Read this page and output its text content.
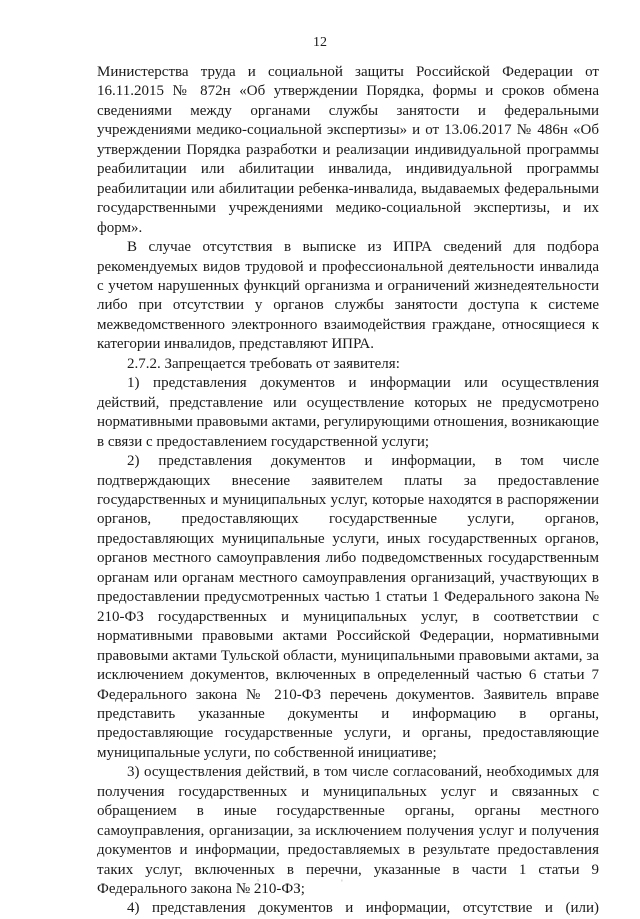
12

Министерства труда и социальной защиты Российской Федерации от 16.11.2015 № 872н «Об утверждении Порядка, формы и сроков обмена сведениями между органами службы занятости и федеральными учреждениями медико-социальной экспертизы» и от 13.06.2017 № 486н «Об утверждении Порядка разработки и реализации индивидуальной программы реабилитации или абилитации инвалида, индивидуальной программы реабилитации или абилитации ребенка-инвалида, выдаваемых федеральными государственными учреждениями медико-социальной экспертизы, и их форм».

В случае отсутствия в выписке из ИПРА сведений для подбора рекомендуемых видов трудовой и профессиональной деятельности инвалида с учетом нарушенных функций организма и ограничений жизнедеятельности либо при отсутствии у органов службы занятости доступа к системе межведомственного электронного взаимодействия граждане, относящиеся к категории инвалидов, представляют ИПРА.

2.7.2. Запрещается требовать от заявителя:

1) представления документов и информации или осуществления действий, представление или осуществление которых не предусмотрено нормативными правовыми актами, регулирующими отношения, возникающие в связи с предоставлением государственной услуги;

2) представления документов и информации, в том числе подтверждающих внесение заявителем платы за предоставление государственных и муниципальных услуг, которые находятся в распоряжении органов, предоставляющих государственные услуги, органов, предоставляющих муниципальные услуги, иных государственных органов, органов местного самоуправления либо подведомственных государственным органам или органам местного самоуправления организаций, участвующих в предоставлении предусмотренных частью 1 статьи 1 Федерального закона № 210-ФЗ государственных и муниципальных услуг, в соответствии с нормативными правовыми актами Российской Федерации, нормативными правовыми актами Тульской области, муниципальными правовыми актами, за исключением документов, включенных в определенный частью 6 статьи 7 Федерального закона № 210-ФЗ перечень документов. Заявитель вправе представить указанные документы и информацию в органы, предоставляющие государственные услуги, и органы, предоставляющие муниципальные услуги, по собственной инициативе;

3) осуществления действий, в том числе согласований, необходимых для получения государственных и муниципальных услуг и связанных с обращением в иные государственные органы, органы местного самоуправления, организации, за исключением получения услуг и получения документов и информации, предоставляемых в результате предоставления таких услуг, включенных в перечни, указанные в части 1 статьи 9 Федерального закона № 210-ФЗ;

4) представления документов и информации, отсутствие и (или)

' '
